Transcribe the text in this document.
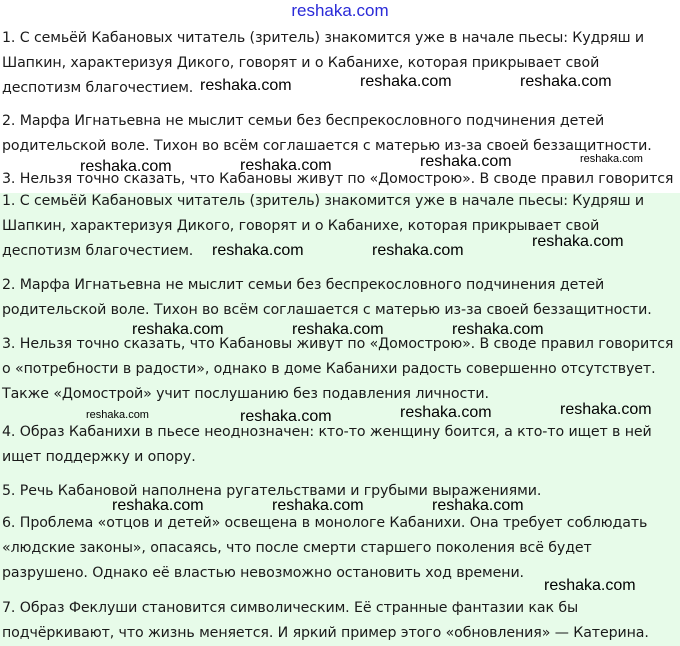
reshaka.com

1. С семьёй Кабановых читатель (зритель) знакомится уже в начале пьесы: Кудряш и
Шапкин, характеризуя Дикого, говорят и о Кабанихе, которая прикрывает свой
деспотизм благочестием.

2. Марфа Игнатьевна не мыслит семьи без беспрекословного подчинения детей
родительской воле. Тихон во всём соглашается с матерью из-за своей беззащитности.

3. Нельзя точно сказать, что Кабановы живут по «Домострою». В своде правил говорится

1. С семьёй Кабановых читатель (зритель) знакомится уже в начале пьесы: Кудряш и
Шапкин, характеризуя Дикого, говорят и о Кабанихе, которая прикрывает свой
деспотизм благочестием.

2. Марфа Игнатьевна не мыслит семьи без беспрекословного подчинения детей
родительской воле. Тихон во всём соглашается с матерью из-за своей беззащитности.

3. Нельзя точно сказать, что Кабановы живут по «Домострою». В своде правил говорится
о «потребности в радости», однако в доме Кабанихи радость совершенно отсутствует.
Также «Домострой» учит послушанию без подавления личности.

4. Образ Кабанихи в пьесе неоднозначен: кто-то женщину боится, а кто-то ищет в ней
ищет поддержку и опору.

5. Речь Кабановой наполнена ругательствами и грубыми выражениями.

6. Проблема «отцов и детей» освещена в монологе Кабанихи. Она требует соблюдать
«людские законы», опасаясь, что после смерти старшего поколения всё будет
разрушено. Однако её властью невозможно остановить ход времени.

7. Образ Феклуши становится символическим. Её странные фантазии как бы
подчёркивают, что жизнь меняется. И яркий пример этого «обновления» — Катерина.

reshaka.com	reshaka.com	reshaka.com
reshaka.com	reshaka.com	reshaka.com	reshaka.com
reshaka.com	reshaka.com
reshaka.com
reshaka.com	reshaka.com	reshaka.com
reshaka.com	reshaka.com	reshaka.com	reshaka.com
reshaka.com	reshaka.com	reshaka.com
reshaka.com
